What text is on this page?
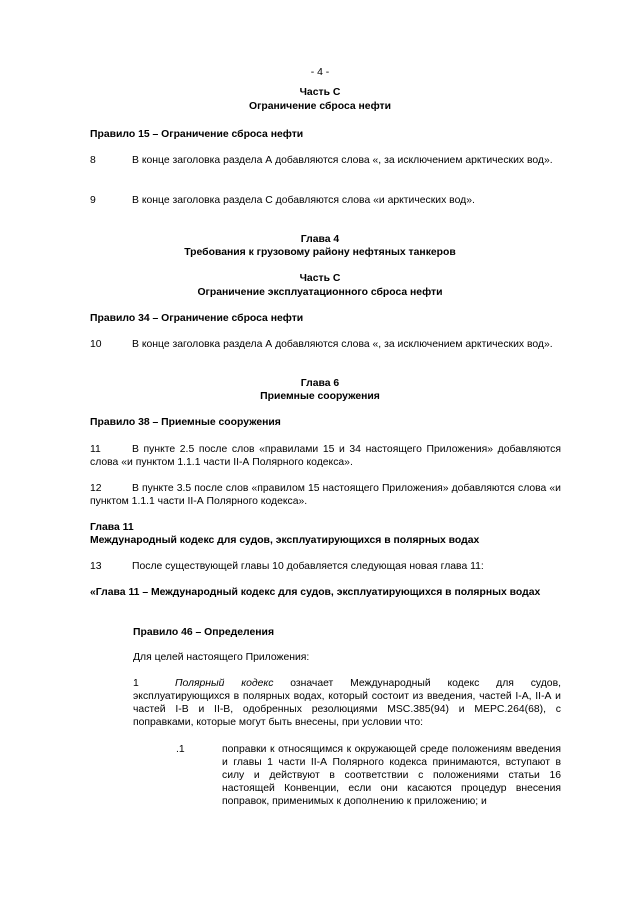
- 4 -
Часть С
Ограничение сброса нефти
Правило 15 – Ограничение сброса нефти
8	В конце заголовка раздела А добавляются слова «, за исключением арктических вод».
9	В конце заголовка раздела С добавляются слова «и арктических вод».
Глава 4
Требования к грузовому району нефтяных танкеров
Часть С
Ограничение эксплуатационного сброса нефти
Правило 34 – Ограничение сброса нефти
10	В конце заголовка раздела А добавляются слова «, за исключением арктических вод».
Глава 6
Приемные сооружения
Правило 38 – Приемные сооружения
11	В пункте 2.5 после слов «правилами 15 и 34 настоящего Приложения» добавляются слова «и пунктом 1.1.1 части II-А Полярного кодекса».
12	В пункте 3.5 после слов «правилом 15 настоящего Приложения» добавляются слова «и пунктом 1.1.1 части II-А Полярного кодекса».
Глава 11
Международный кодекс для судов, эксплуатирующихся в полярных водах
13	После существующей главы 10 добавляется следующая новая глава 11:
«Глава 11 – Международный кодекс для судов, эксплуатирующихся в полярных водах
Правило 46 – Определения
Для целей настоящего Приложения:
1	Полярный кодекс означает Международный кодекс для судов, эксплуатирующихся в полярных водах, который состоит из введения, частей I-А, II-А и частей I-В и II-В, одобренных резолюциями MSC.385(94) и MEPC.264(68), с поправками, которые могут быть внесены, при условии что:
.1	поправки к относящимся к окружающей среде положениям введения и главы 1 части II-А Полярного кодекса принимаются, вступают в силу и действуют в соответствии с положениями статьи 16 настоящей Конвенции, если они касаются процедур внесения поправок, применимых к дополнению к приложению; и
